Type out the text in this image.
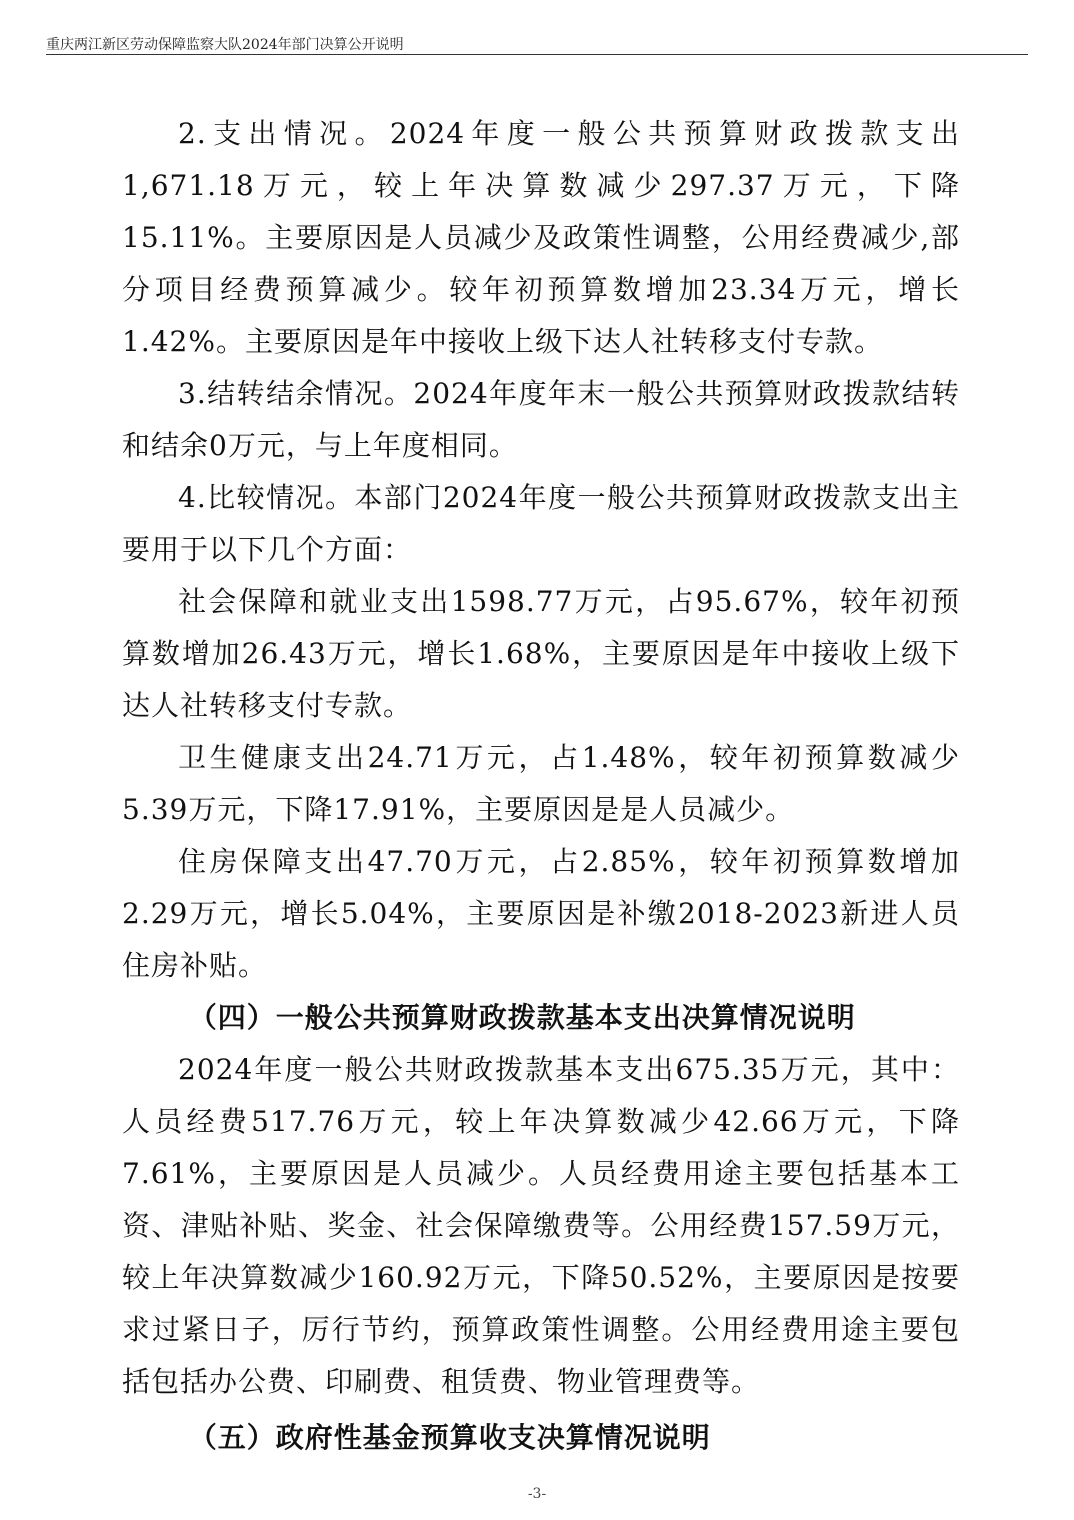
重庆两江新区劳动保障监察大队2024年部门决算公开说明

2.支出情况。2024年度一般公共预算财政拨款支出1,671.18万元，较上年决算数减少297.37万元，下降15.11%。主要原因是人员减少及政策性调整，公用经费减少,部分项目经费预算减少。较年初预算数增加23.34万元，增长1.42%。主要原因是年中接收上级下达人社转移支付专款。

3.结转结余情况。2024年度年末一般公共预算财政拨款结转和结余0万元，与上年度相同。

4.比较情况。本部门2024年度一般公共预算财政拨款支出主要用于以下几个方面：

社会保障和就业支出1598.77万元，占95.67%，较年初预算数增加26.43万元，增长1.68%，主要原因是年中接收上级下达人社转移支付专款。

卫生健康支出24.71万元，占1.48%，较年初预算数减少5.39万元，下降17.91%，主要原因是是人员减少。

住房保障支出47.70万元，占2.85%，较年初预算数增加2.29万元，增长5.04%，主要原因是补缴2018-2023新进人员住房补贴。

（四）一般公共预算财政拨款基本支出决算情况说明

2024年度一般公共财政拨款基本支出675.35万元，其中：人员经费517.76万元，较上年决算数减少42.66万元，下降7.61%，主要原因是人员减少。人员经费用途主要包括基本工资、津贴补贴、奖金、社会保障缴费等。公用经费157.59万元，较上年决算数减少160.92万元，下降50.52%，主要原因是按要求过紧日子，厉行节约，预算政策性调整。公用经费用途主要包括包括办公费、印刷费、租赁费、物业管理费等。

（五）政府性基金预算收支决算情况说明

-3-
